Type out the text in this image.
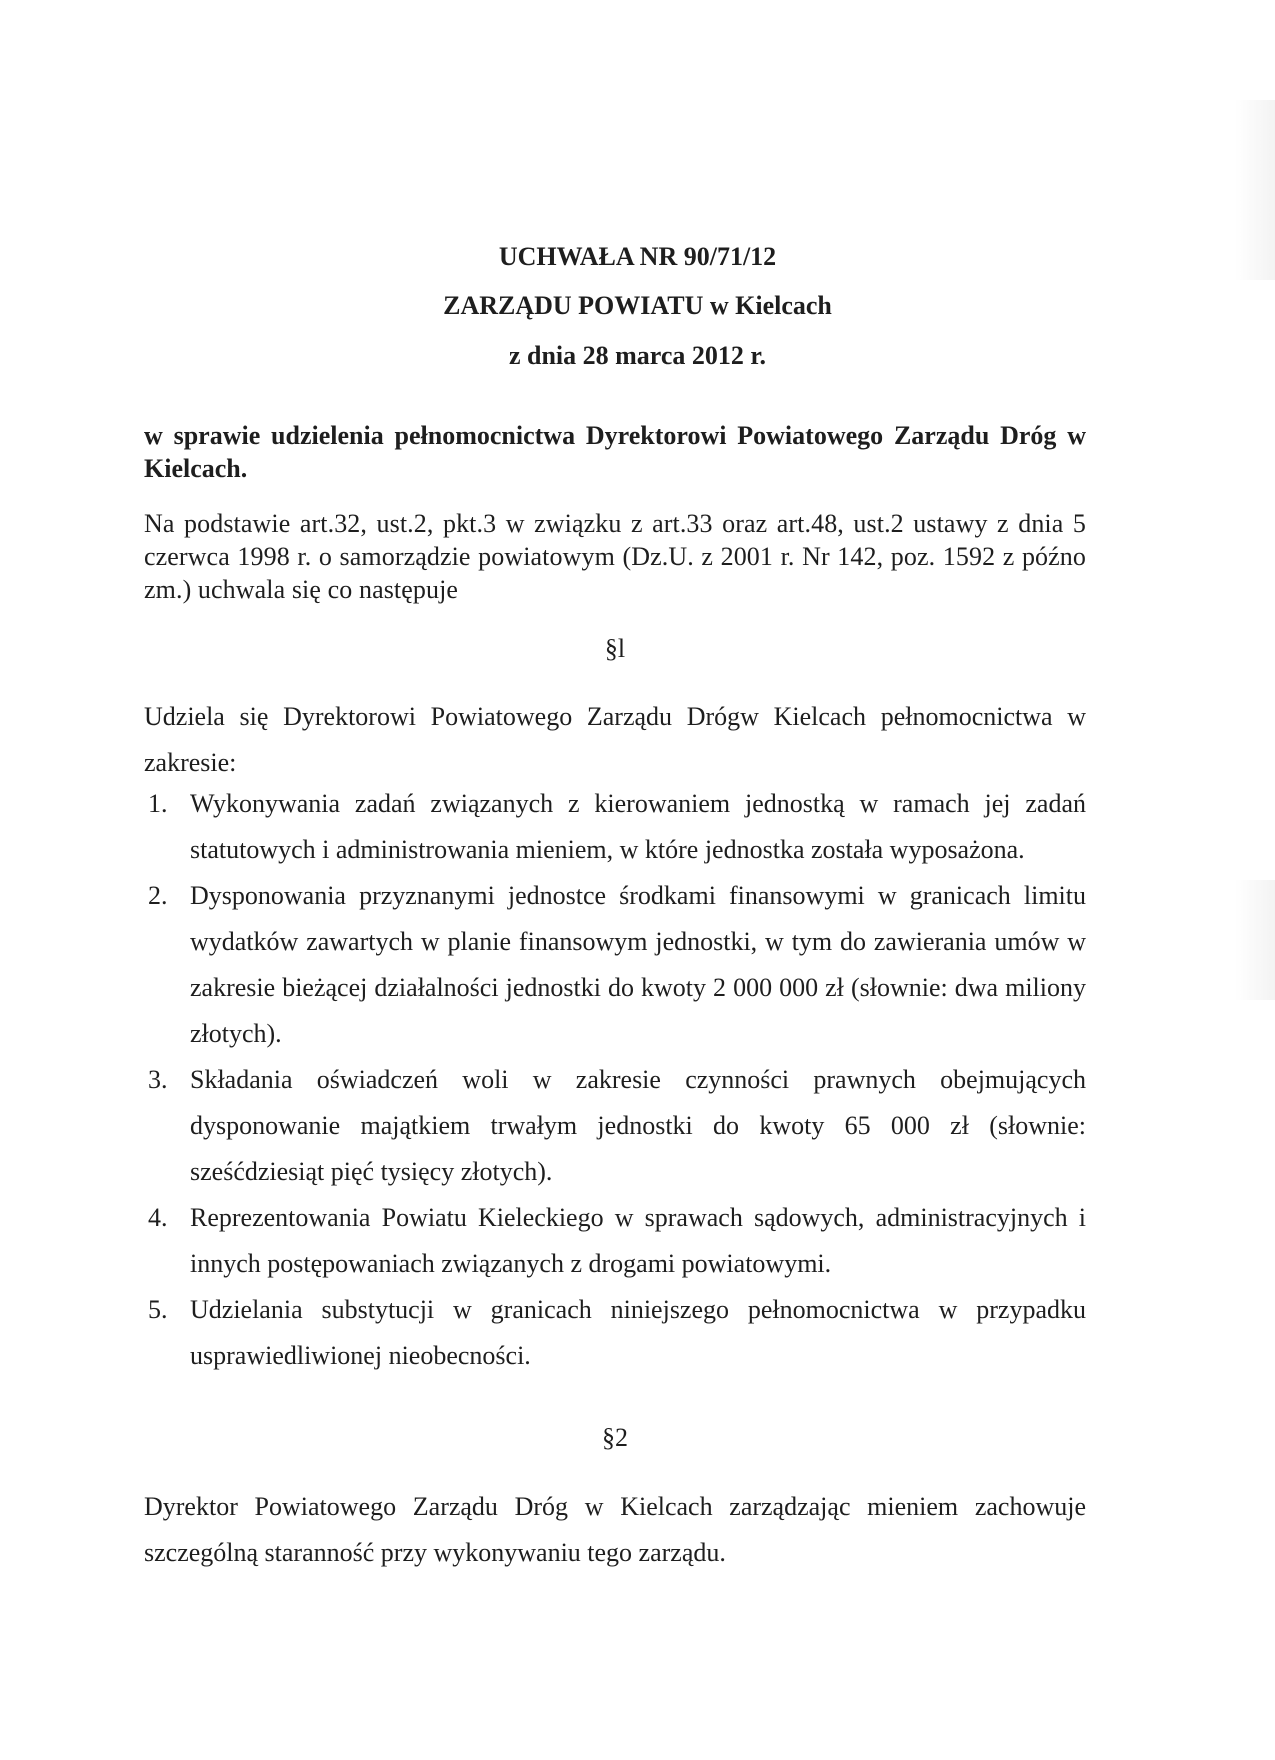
UCHWAŁA NR 90/71/12
ZARZĄDU POWIATU w Kielcach
z dnia 28 marca 2012 r.
w sprawie udzielenia pełnomocnictwa Dyrektorowi Powiatowego Zarządu Dróg w Kielcach.
Na podstawie art.32, ust.2, pkt.3 w związku z art.33 oraz art.48, ust.2 ustawy z dnia 5 czerwca 1998 r. o samorządzie powiatowym (Dz.U. z 2001 r. Nr 142, poz. 1592 z późno zm.) uchwala się co następuje
§l
Udziela się Dyrektorowi Powiatowego Zarządu Drógw Kielcach pełnomocnictwa w zakresie:
1. Wykonywania zadań związanych z kierowaniem jednostką w ramach jej zadań statutowych i administrowania mieniem, w które jednostka została wyposażona.
2. Dysponowania przyznanymi jednostce środkami finansowymi w granicach limitu wydatków zawartych w planie finansowym jednostki, w tym do zawierania umów w zakresie bieżącej działalności jednostki do kwoty 2 000 000 zł (słownie: dwa miliony złotych).
3. Składania oświadczeń woli w zakresie czynności prawnych obejmujących dysponowanie majątkiem trwałym jednostki do kwoty 65 000 zł (słownie: sześćdziesiąt pięć tysięcy złotych).
4. Reprezentowania Powiatu Kieleckiego w sprawach sądowych, administracyjnych i innych postępowaniach związanych z drogami powiatowymi.
5. Udzielania substytucji w granicach niniejszego pełnomocnictwa w przypadku usprawiedliwionej nieobecności.
§2
Dyrektor Powiatowego Zarządu Dróg w Kielcach zarządzając mieniem zachowuje szczególną staranność przy wykonywaniu tego zarządu.
